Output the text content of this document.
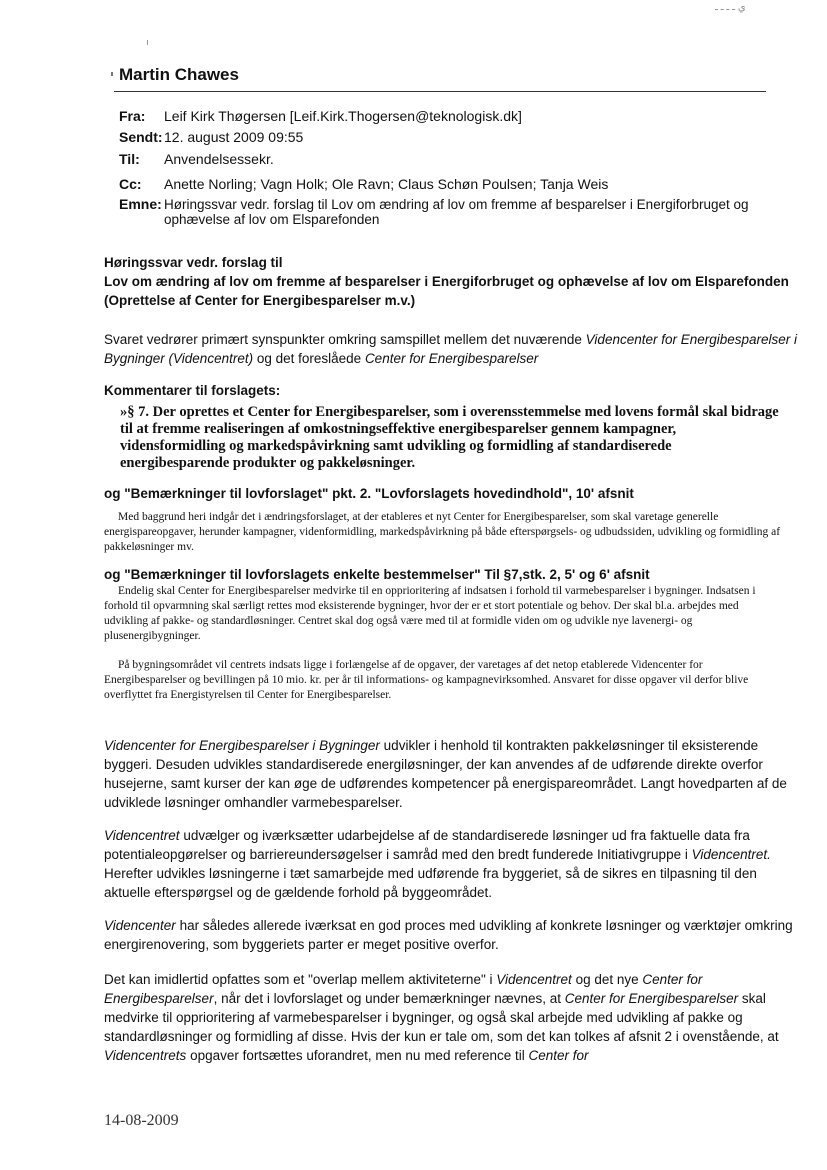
ي ـ ـ ـ ـ
Martin Chawes
Fra:	Leif Kirk Thøgersen [Leif.Kirk.Thogersen@teknologisk.dk]
Sendt: 12. august 2009 09:55
Til:	Anvendelsessekr.
Cc:	Anette Norling; Vagn Holk; Ole Ravn; Claus Schøn Poulsen; Tanja Weis
Emne: Høringssvar vedr. forslag til Lov om ændring af lov om fremme af besparelser i Energiforbruget og ophævelse af lov om Elsparefonden
Høringssvar vedr. forslag til
Lov om ændring af lov om fremme af besparelser i Energiforbruget og ophævelse af lov om Elsparefonden
(Oprettelse af Center for Energibesparelser m.v.)
Svaret vedrører primært synspunkter omkring samspillet mellem det nuværende Videncenter for Energibesparelser i Bygninger (Videncentret) og det foreslåede Center for Energibesparelser
Kommentarer til forslagets:
»§ 7. Der oprettes et Center for Energibesparelser, som i overensstemmelse med lovens formål skal bidrage til at fremme realiseringen af omkostningseffektive energibesparelser gennem kampagner, vidensformidling og markedspåvirkning samt udvikling og formidling af standardiserede energibesparende produkter og pakkeløsninger.
og "Bemærkninger til lovforslaget" pkt. 2. "Lovforslagets hovedindhold", 10' afsnit
Med baggrund heri indgår det i ændringsforslaget, at der etableres et nyt Center for Energibesparelser, som skal varetage generelle energispareopgaver, herunder kampagner, videnformidling, markedspåvirkning på både efterspørgsels- og udbudssiden, udvikling og formidling af pakkeløsninger mv.
og "Bemærkninger til lovforslagets enkelte bestemmelser" Til §7,stk. 2, 5' og 6' afsnit
Endelig skal Center for Energibesparelser medvirke til en opprioritering af indsatsen i forhold til varmebesparelser i bygninger. Indsatsen i forhold til opvarmning skal særligt rettes mod eksisterende bygninger, hvor der er et stort potentiale og behov. Der skal bl.a. arbejdes med udvikling af pakke- og standardløsninger. Centret skal dog også være med til at formidle viden om og udvikle nye lavenergi- og plusenergibygninger.
På bygningsområdet vil centrets indsats ligge i forlængelse af de opgaver, der varetages af det netop etablerede Videncenter for Energibesparelser og bevillingen på 10 mio. kr. per år til informations- og kampagnevirksomhed. Ansvaret for disse opgaver vil derfor blive overflyttet fra Energistyrelsen til Center for Energibesparelser.
Videncenter for Energibesparelser i Bygninger udvikler i henhold til kontrakten pakkeløsninger til eksisterende byggeri. Desuden udvikles standardiserede energiløsninger, der kan anvendes af de udførende direkte overfor husejerne, samt kurser der kan øge de udførendes kompetencer på energispareområdet. Langt hovedparten af de udviklede løsninger omhandler varmebesparelser.
Videncentret udvælger og iværksætter udarbejdelse af de standardiserede løsninger ud fra faktuelle data fra potentialeopgørelser og barriereundersøgelser i samråd med den bredt funderede Initiativgruppe i Videncentret. Herefter udvikles løsningerne i tæt samarbejde med udførende fra byggeriet, så de sikres en tilpasning til den aktuelle efterspørgsel og de gældende forhold på byggeområdet.
Videncenter har således allerede iværksat en god proces med udvikling af konkrete løsninger og værktøjer omkring energirenovering, som byggeriets parter er meget positive overfor.
Det kan imidlertid opfattes som et "overlap mellem aktiviteterne" i Videncentret og det nye Center for Energibesparelser, når det i lovforslaget og under bemærkninger nævnes, at Center for Energibesparelser skal medvirke til opprioritering af varmebesparelser i bygninger, og også skal arbejde med udvikling af pakke og standardløsninger og formidling af disse. Hvis der kun er tale om, som det kan tolkes af afsnit 2 i ovenstående, at Videncentrets opgaver fortsættes uforandret, men nu med reference til Center for
14-08-2009
